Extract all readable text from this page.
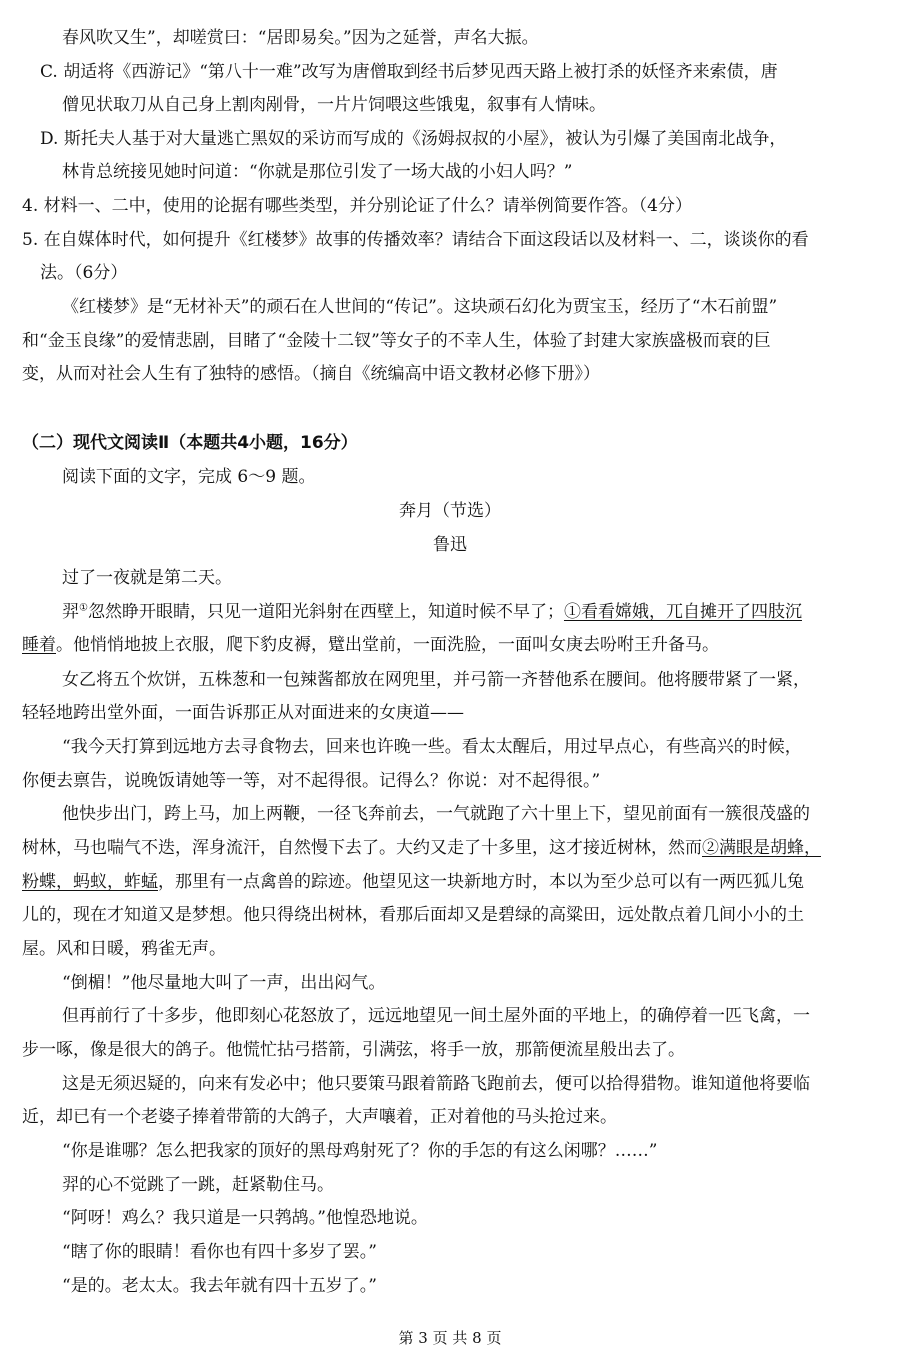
春风吹又生”，却嗟赏曰：“居即易矣。”因为之延誉，声名大振。
C. 胡适将《西游记》“第八十一难”改写为唐僧取到经书后梦见西天路上被打杀的妖怪齐来索债，唐
僧见状取刀从自己身上割肉剐骨，一片片饲喂这些饿鬼，叙事有人情味。
D. 斯托夫人基于对大量逃亡黑奴的采访而写成的《汤姆叔叔的小屋》，被认为引爆了美国南北战争，
林肯总统接见她时问道：“你就是那位引发了一场大战的小妇人吗？”
4. 材料一、二中，使用的论据有哪些类型，并分别论证了什么？请举例简要作答。（4分）
5. 在自媒体时代，如何提升《红楼梦》故事的传播效率？请结合下面这段话以及材料一、二，谈谈你的看
法。（6分）
《红楼梦》是“无材补天”的顽石在人世间的“传记”。这块顽石幻化为贾宝玉，经历了“木石前盟”
和“金玉良缘”的爱情悲剧，目睹了“金陵十二钗”等女子的不幸人生，体验了封建大家族盛极而衰的巨
变，从而对社会人生有了独特的感悟。（摘自《统编高中语文教材必修下册》）
（二）现代文阅读Ⅱ（本题共4小题，16分）
阅读下面的文字，完成 6～9 题。
奔月（节选）
鲁迅
过了一夜就是第二天。
羿①忽然睁开眼睛，只见一道阳光斜射在西壁上，知道时候不早了；①看看嫦娥，兀自摊开了四肢沉
睡着。他悄悄地披上衣服，爬下豹皮褥，躄出堂前，一面洗脸，一面叫女庚去吩咐王升备马。
女乙将五个炊饼，五株葱和一包辣酱都放在网兜里，并弓箭一齐替他系在腰间。他将腰带紧了一紧，
轻轻地跨出堂外面，一面告诉那正从对面进来的女庚道——
“我今天打算到远地方去寻食物去，回来也许晚一些。看太太醒后，用过早点心，有些高兴的时候，
你便去禀告，说晚饭请她等一等，对不起得很。记得么？你说：对不起得很。”
他快步出门，跨上马，加上两鞭，一径飞奔前去，一气就跑了六十里上下，望见前面有一簇很茂盛的
树林，马也喘气不迭，浑身流汗，自然慢下去了。大约又走了十多里，这才接近树林，然而②满眼是胡蜂，
粉蝶，蚂蚁，蚱蜢，那里有一点禽兽的踪迹。他望见这一块新地方时，本以为至少总可以有一两匹狐儿兔
儿的，现在才知道又是梦想。他只得绕出树林，看那后面却又是碧绿的高粱田，远处散点着几间小小的土
屋。风和日暖，鸦雀无声。
“倒楣！”他尽量地大叫了一声，出出闷气。
但再前行了十多步，他即刻心花怒放了，远远地望见一间土屋外面的平地上，的确停着一匹飞禽，一
步一啄，像是很大的鸽子。他慌忙拈弓搭箭，引满弦，将手一放，那箭便流星般出去了。
这是无须迟疑的，向来有发必中；他只要策马跟着箭路飞跑前去，便可以拾得猎物。谁知道他将要临
近，却已有一个老婆子捧着带箭的大鸽子，大声嚷着，正对着他的马头抢过来。
“你是谁哪？怎么把我家的顶好的黑母鸡射死了？你的手怎的有这么闲哪？……”
羿的心不觉跳了一跳，赶紧勒住马。
“阿呀！鸡么？我只道是一只鹁鸪。”他惶恐地说。
“瞎了你的眼睛！看你也有四十多岁了罢。”
“是的。老太太。我去年就有四十五岁了。”
第 3 页 共 8 页
